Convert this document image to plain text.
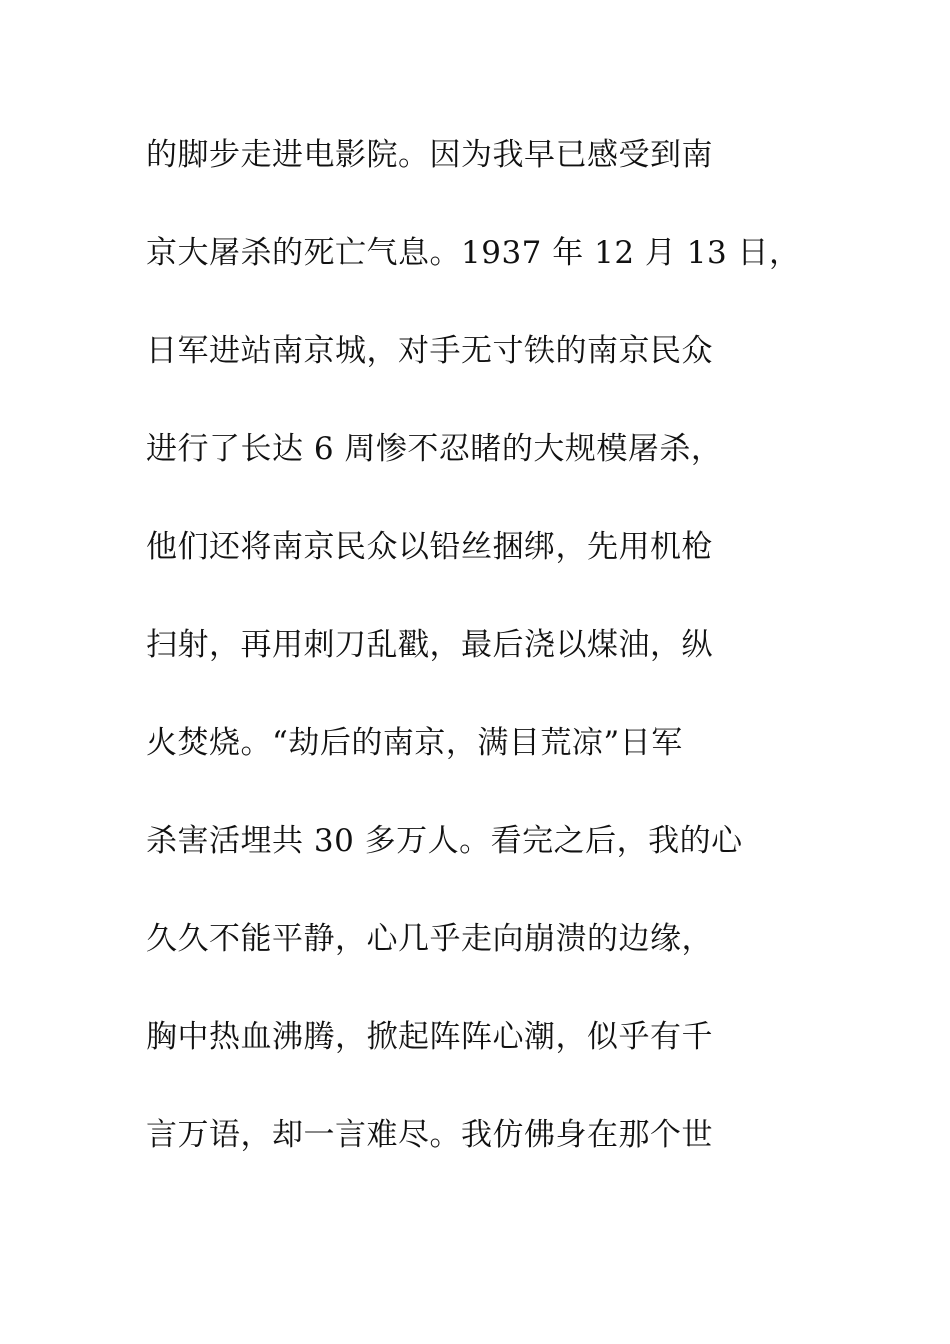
的脚步走进电影院。因为我早已感受到南
京大屠杀的死亡气息。1937 年 12 月 13 日，
日军进站南京城，对手无寸铁的南京民众
进行了长达 6 周惨不忍睹的大规模屠杀，
他们还将南京民众以铅丝捆绑，先用机枪
扫射，再用刺刀乱戳，最后浇以煤油，纵
火焚烧。“劫后的南京，满目荒凉”日军
杀害活埋共 30 多万人。看完之后，我的心
久久不能平静，心几乎走向崩溃的边缘，
胸中热血沸腾，掀起阵阵心潮，似乎有千
言万语，却一言难尽。我仿佛身在那个世
